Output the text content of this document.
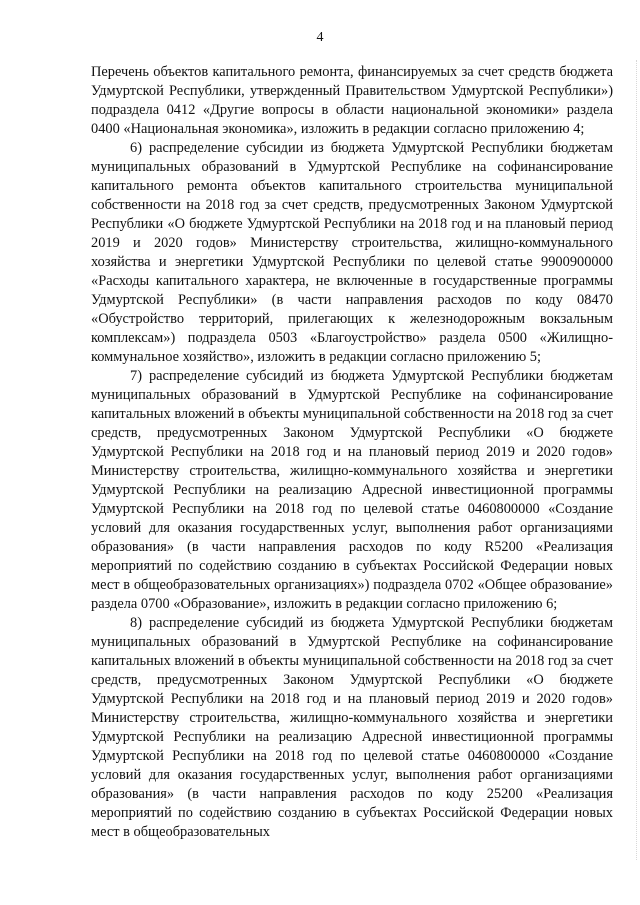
4

Перечень объектов капитального ремонта, финансируемых за счет средств бюджета Удмуртской Республики, утвержденный Правительством Удмуртской Республики») подраздела 0412 «Другие вопросы в области национальной экономики» раздела 0400 «Национальная экономика», изложить в редакции согласно приложению 4;

6) распределение субсидии из бюджета Удмуртской Республики бюджетам муниципальных образований в Удмуртской Республике на софинансирование капитального ремонта объектов капитального строительства муниципальной собственности на 2018 год за счет средств, предусмотренных Законом Удмуртской Республики «О бюджете Удмуртской Республики на 2018 год и на плановый период 2019 и 2020 годов» Министерству строительства, жилищно-коммунального хозяйства и энергетики Удмуртской Республики по целевой статье 9900900000 «Расходы капитального характера, не включенные в государственные программы Удмуртской Республики» (в части направления расходов по коду 08470 «Обустройство территорий, прилегающих к железнодорожным вокзальным комплексам») подраздела 0503 «Благоустройство» раздела 0500 «Жилищно-коммунальное хозяйство», изложить в редакции согласно приложению 5;

7) распределение субсидий из бюджета Удмуртской Республики бюджетам муниципальных образований в Удмуртской Республике на софинансирование капитальных вложений в объекты муниципальной собственности на 2018 год за счет средств, предусмотренных Законом Удмуртской Республики «О бюджете Удмуртской Республики на 2018 год и на плановый период 2019 и 2020 годов» Министерству строительства, жилищно-коммунального хозяйства и энергетики Удмуртской Республики на реализацию Адресной инвестиционной программы Удмуртской Республики на 2018 год по целевой статье 0460800000 «Создание условий для оказания государственных услуг, выполнения работ организациями образования» (в части направления расходов по коду R5200 «Реализация мероприятий по содействию созданию в субъектах Российской Федерации новых мест в общеобразовательных организациях») подраздела 0702 «Общее образование» раздела 0700 «Образование», изложить в редакции согласно приложению 6;

8) распределение субсидий из бюджета Удмуртской Республики бюджетам муниципальных образований в Удмуртской Республике на софинансирование капитальных вложений в объекты муниципальной собственности на 2018 год за счет средств, предусмотренных Законом Удмуртской Республики «О бюджете Удмуртской Республики на 2018 год и на плановый период 2019 и 2020 годов» Министерству строительства, жилищно-коммунального хозяйства и энергетики Удмуртской Республики на реализацию Адресной инвестиционной программы Удмуртской Республики на 2018 год по целевой статье 0460800000 «Создание условий для оказания государственных услуг, выполнения работ организациями образования» (в части направления расходов по коду 25200 «Реализация мероприятий по содействию созданию в субъектах Российской Федерации новых мест в общеобразовательных
